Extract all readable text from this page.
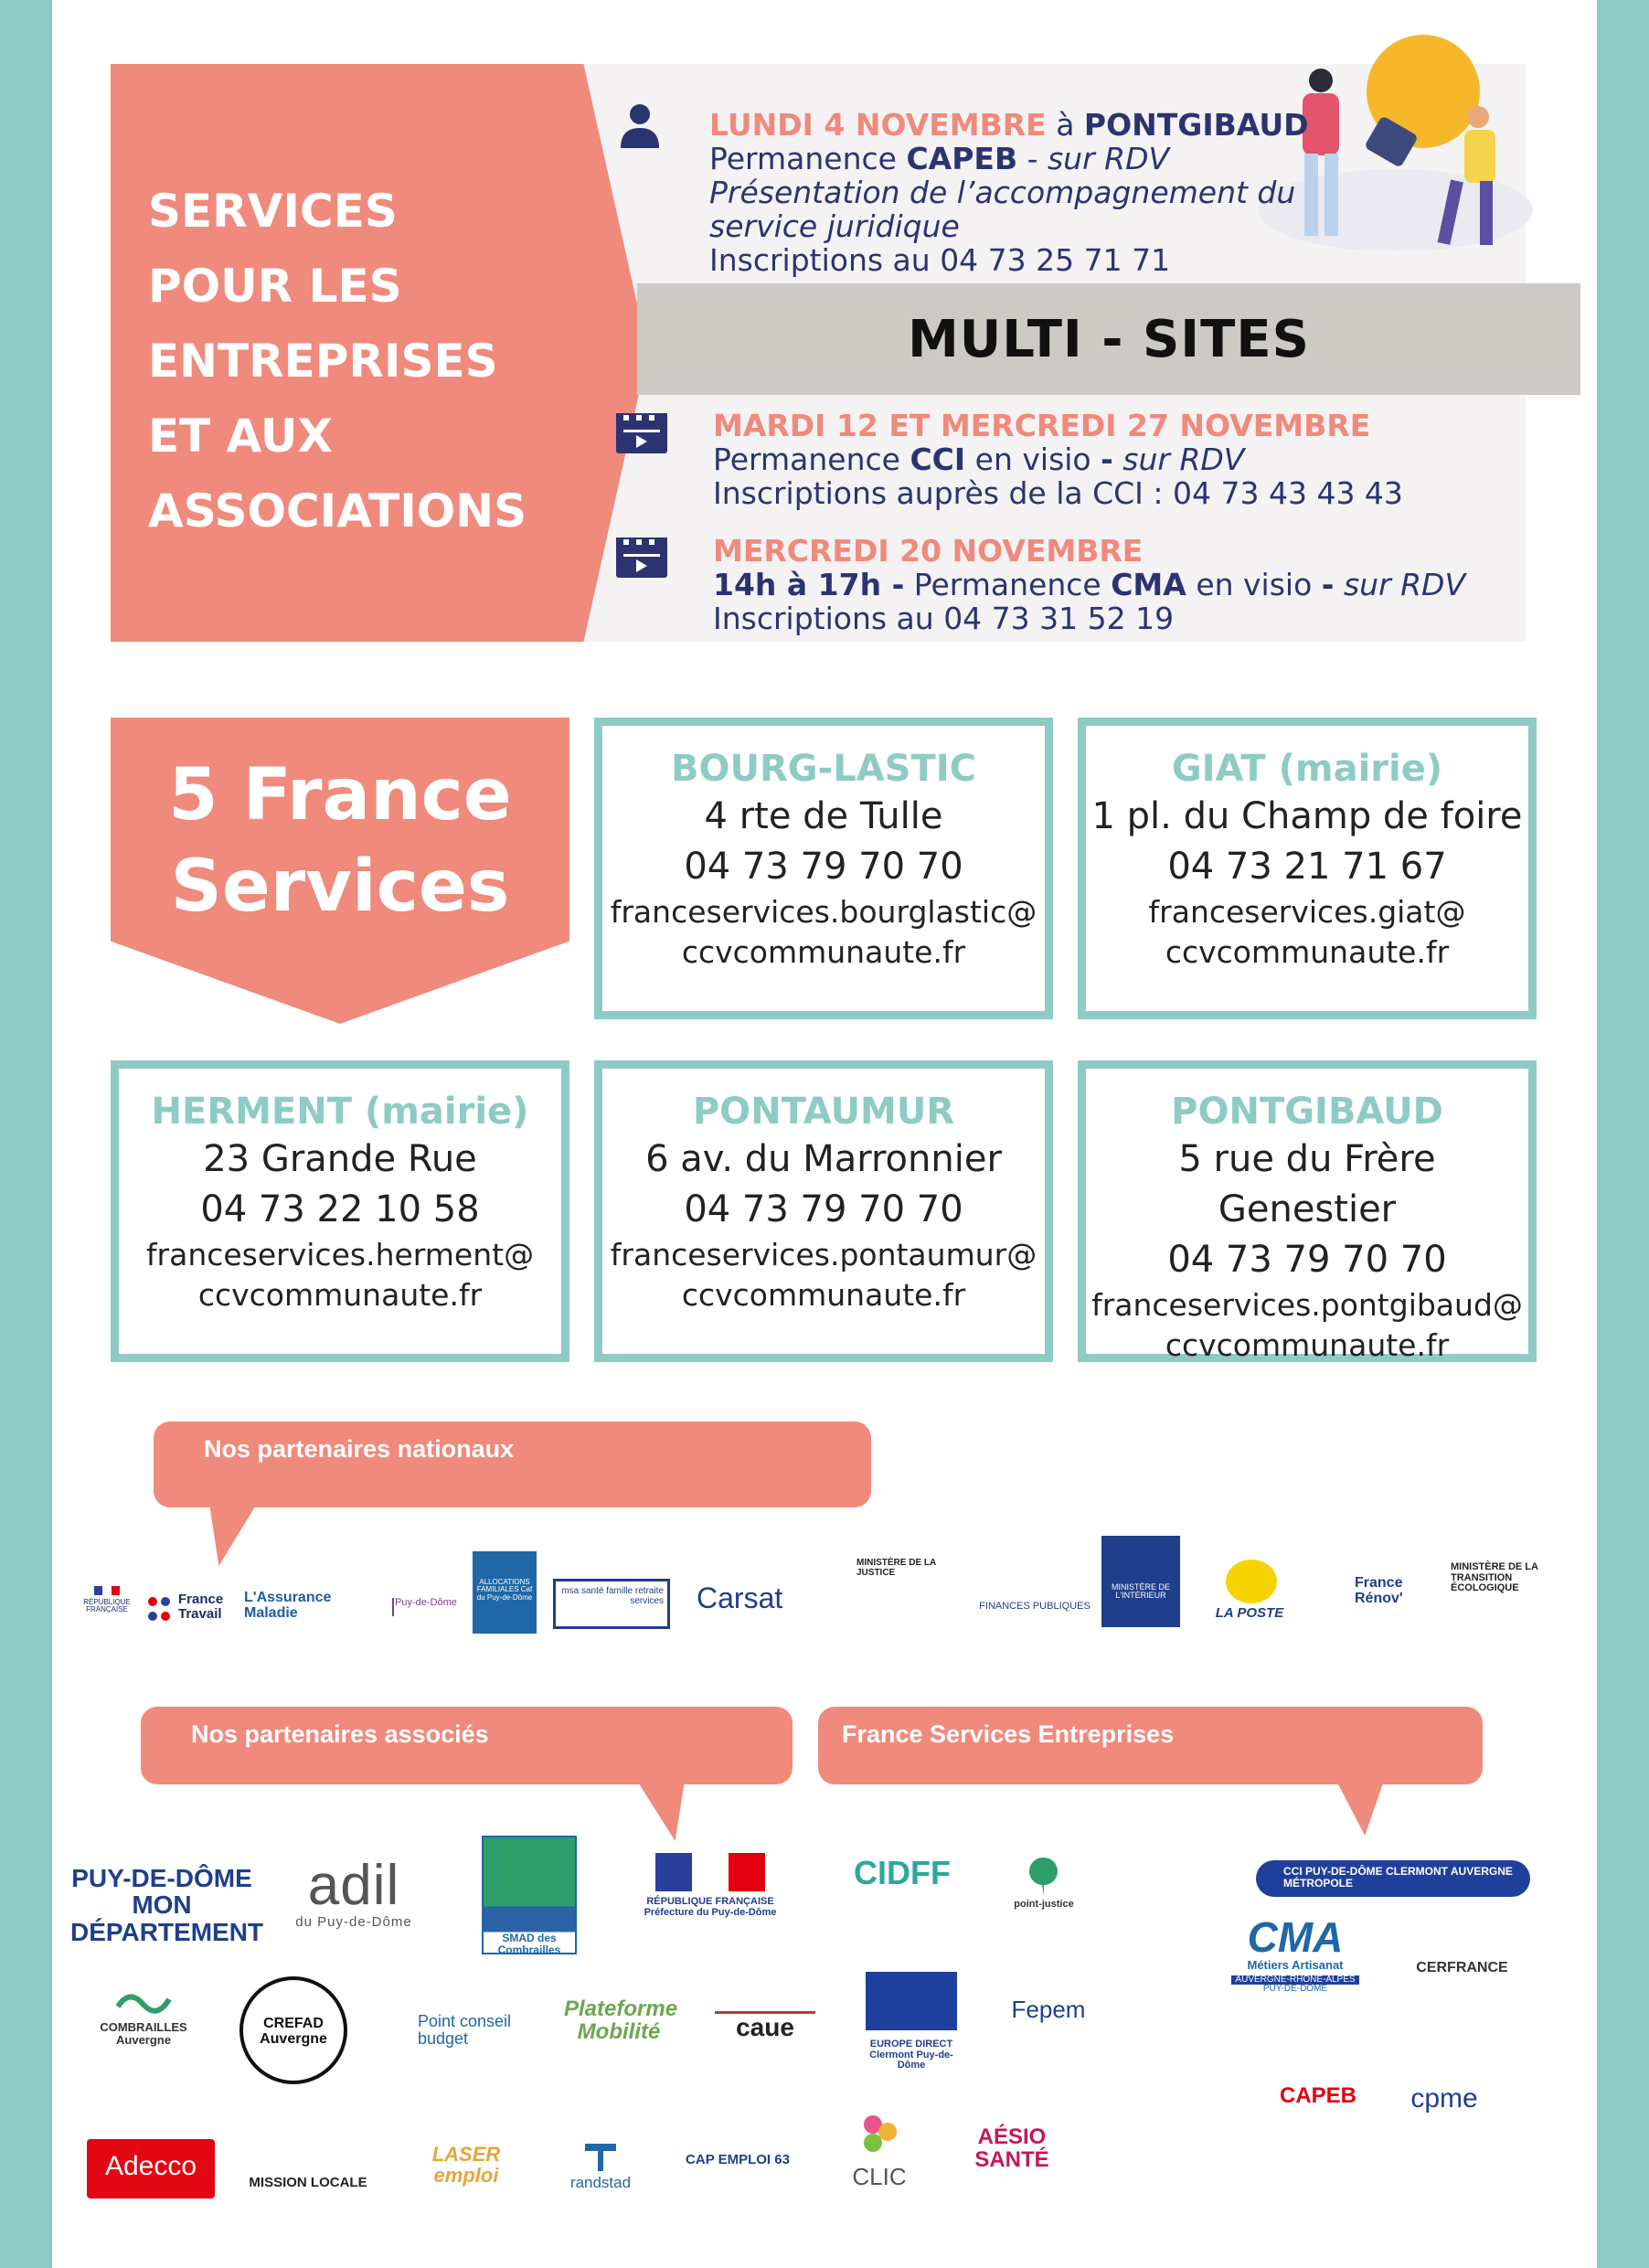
SERVICES
POUR LES
ENTREPRISES
ET AUX
ASSOCIATIONS
LUNDI 4 NOVEMBRE à PONTGIBAUD
Permanence CAPEB - sur RDV
Présentation de l’accompagnement du
service juridique
Inscriptions au 04 73 25 71 71
MULTI - SITES
MARDI 12 ET MERCREDI 27 NOVEMBRE
Permanence CCI en visio - sur RDV
Inscriptions auprès de la CCI : 04 73 43 43 43
MERCREDI 20 NOVEMBRE
14h à 17h - Permanence CMA en visio - sur RDV
Inscriptions au 04 73 31 52 19
5 France
Services
BOURG-LASTIC
4 rte de Tulle
04 73 79 70 70
franceservices.bourglastic@
ccvcommunaute.fr
GIAT (mairie)
1 pl. du Champ de foire
04 73 21 71 67
franceservices.giat@
ccvcommunaute.fr
HERMENT (mairie)
23 Grande Rue
04 73 22 10 58
franceservices.herment@
ccvcommunaute.fr
PONTAUMUR
6 av. du Marronnier
04 73 79 70 70
franceservices.pontaumur@
ccvcommunaute.fr
PONTGIBAUD
5 rue du Frère Genestier
04 73 79 70 70
franceservices.pontgibaud@
ccvcommunaute.fr
Nos partenaires nationaux
RÉPUBLIQUE FRANÇAISE
France Travail
L'Assurance Maladie
Puy-de-Dôme
ALLOCATIONS FAMILIALES Caf du Puy-de-Dôme
msa santé famille retraite services Carsat
MINISTÈRE DE LA JUSTICE
FINANCES PUBLIQUES
MINISTÈRE DE L'INTÉRIEUR
LA POSTE
France Rénov'
MINISTÈRE DE LA TRANSITION ÉCOLOGIQUE
Nos partenaires associés	France Services Entreprises
PUY-DE-DÔME MON DÉPARTEMENT
adil
du Puy-de-Dôme
SMAD des Combrailles
RÉPUBLIQUE FRANÇAISE Préfecture du Puy-de-Dôme
CIDFF
point-justice
COMBRAILLES Auvergne
CREFAD Auvergne
Point conseil budget
Plateforme Mobilité	caue
EUROPE DIRECT Clermont Puy-de-Dôme
Fepem
Adecco
MISSION LOCALE
LASER emploi	randstad
CAP EMPLOI 63
CLIC
AÉSIO SANTÉ
CCI PUY-DE-DÔME CLERMONT AUVERGNE MÉTROPOLE
CMA
Métiers Artisanat
AUVERGNE-RHÔNE-ALPES
PUY-DE-DÔME
CERFRANCE
CAPEB	cpme
